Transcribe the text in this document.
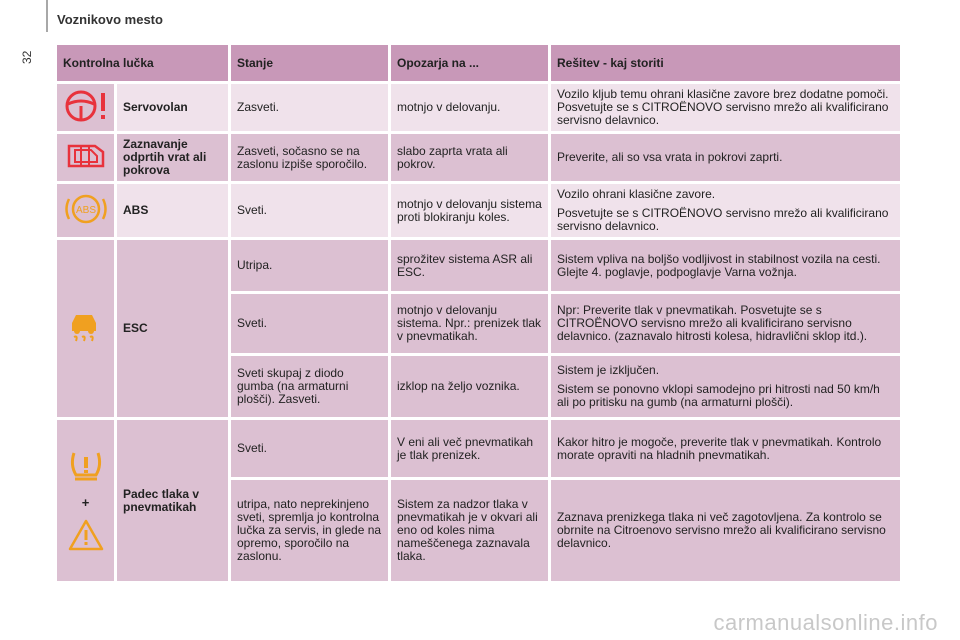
32
Voznikovo mesto
Kontrolna lučka		Stanje	Opozarja na ...	Rešitev - kaj storiti
	Servovolan	Zasveti.	motnjo v delovanju.	Vozilo kljub temu ohrani klasične zavore brez dodatne pomoči. Posvetujte se s CITROËNOVO servisno mrežo ali kvalificirano servisno delavnico.
	Zaznavanje odprtih vrat ali pokrova	Zasveti, sočasno se na zaslonu izpiše sporočilo.	slabo zaprta vrata ali pokrov.	Preverite, ali so vsa vrata in pokrovi zaprti.

ABS	ABS	Sveti.	motnjo v delovanju sistema proti blokiranju koles.	Vozilo ohrani klasične zavore.

Posvetujte se s CITROËNOVO servisno mrežo ali kvalificirano servisno delavnico.

	ESC	Utripa.	sprožitev sistema ASR ali ESC.	Sistem vpliva na boljšo vodljivost in stabilnost vozila na cesti. Glejte 4. poglavje, podpoglavje Varna vožnja.
		Sveti.	motnjo v delovanju sistema. Npr.: prenizek tlak v pnevmatikah.	Npr: Preverite tlak v pnevmatikah. Posvetujte se s CITROËNOVO servisno mrežo ali kvalificirano servisno delavnico. (zaznavalo hitrosti kolesa, hidravlični sklop itd.).
		Sveti skupaj z diodo gumba (na armaturni plošči). Zasveti.	izklop na željo voznika.	Sistem je izključen.

Sistem se ponovno vklopi samodejno pri hitrosti nad 50 km/h ali po pritisku na gumb (na armaturni plošči).

+	Padec tlaka v pnevmatikah	Sveti.	V eni ali več pnevmatikah je tlak prenizek.	Kakor hitro je mogoče, preverite tlak v pnevmatikah. Kontrolo morate opraviti na hladnih pnevmatikah.
		utripa, nato neprekinjeno sveti, spremlja jo kontrolna lučka za servis, in glede na opremo, sporočilo na zaslonu.	Sistem za nadzor tlaka v pnevmatikah je v okvari ali eno od koles nima nameščenega zaznavala tlaka.	Zaznava prenizkega tlaka ni več zagotovljena. Za kontrolo se obrnite na Citroenovo servisno mrežo ali kvalificirano servisno delavnico.
carmanualsonline.info
